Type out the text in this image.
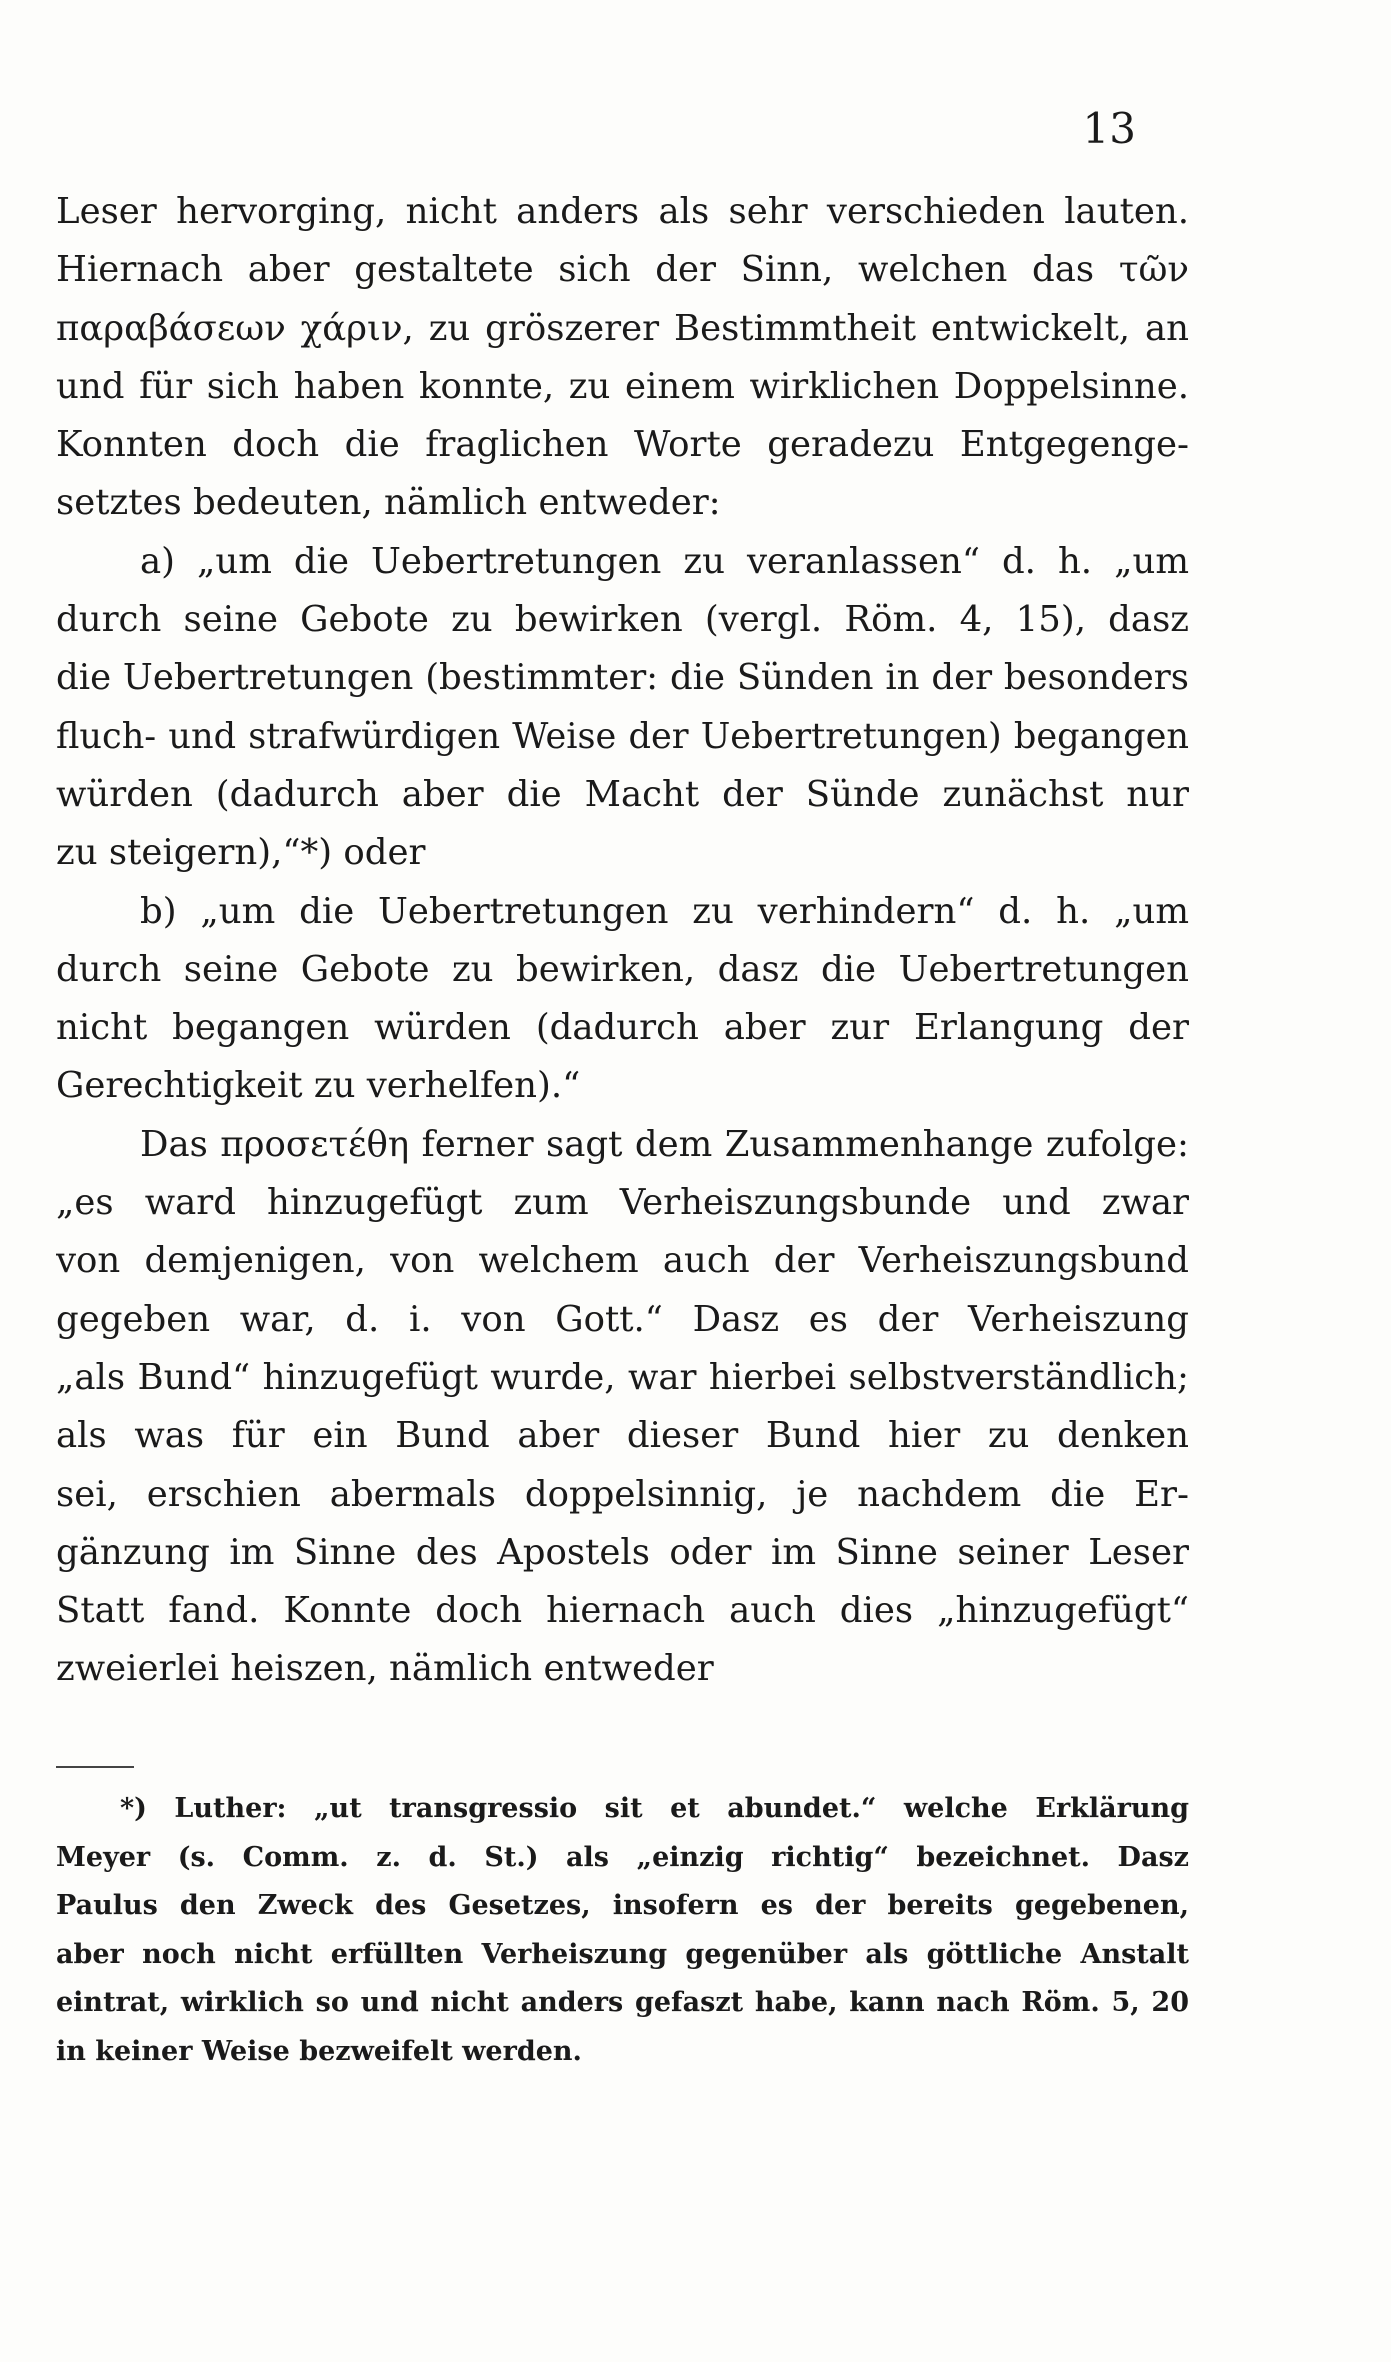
13
Leser hervorging, nicht anders als sehr verschieden lauten.
Hiernach aber gestaltete sich der Sinn, welchen das τῶν
παραβάσεων χάριν, zu gröszerer Bestimmtheit entwickelt, an
und für sich haben konnte, zu einem wirklichen Doppelsinne.
Konnten doch die fraglichen Worte geradezu Entgegenge-
setztes bedeuten, nämlich entweder:
a) „um die Uebertretungen zu veranlassen“ d. h. „um
durch seine Gebote zu bewirken (vergl. Röm. 4, 15), dasz
die Uebertretungen (bestimmter: die Sünden in der besonders
fluch- und strafwürdigen Weise der Uebertretungen) begangen
würden (dadurch aber die Macht der Sünde zunächst nur
zu steigern),“*) oder
b) „um die Uebertretungen zu verhindern“ d. h. „um
durch seine Gebote zu bewirken, dasz die Uebertretungen
nicht begangen würden (dadurch aber zur Erlangung der
Gerechtigkeit zu verhelfen).“
Das προσετέθη ferner sagt dem Zusammenhange zufolge:
„es ward hinzugefügt zum Verheiszungsbunde und zwar
von demjenigen, von welchem auch der Verheiszungsbund
gegeben war, d. i. von Gott.“ Dasz es der Verheiszung
„als Bund“ hinzugefügt wurde, war hierbei selbstverständlich;
als was für ein Bund aber dieser Bund hier zu denken
sei, erschien abermals doppelsinnig, je nachdem die Er-
gänzung im Sinne des Apostels oder im Sinne seiner Leser
Statt fand. Konnte doch hiernach auch dies „hinzugefügt“
zweierlei heiszen, nämlich entweder
*) Luther: „ut transgressio sit et abundet.“ welche Erklärung
Meyer (s. Comm. z. d. St.) als „einzig richtig“ bezeichnet. Dasz
Paulus den Zweck des Gesetzes, insofern es der bereits gegebenen,
aber noch nicht erfüllten Verheiszung gegenüber als göttliche Anstalt
eintrat, wirklich so und nicht anders gefaszt habe, kann nach Röm. 5, 20
in keiner Weise bezweifelt werden.
